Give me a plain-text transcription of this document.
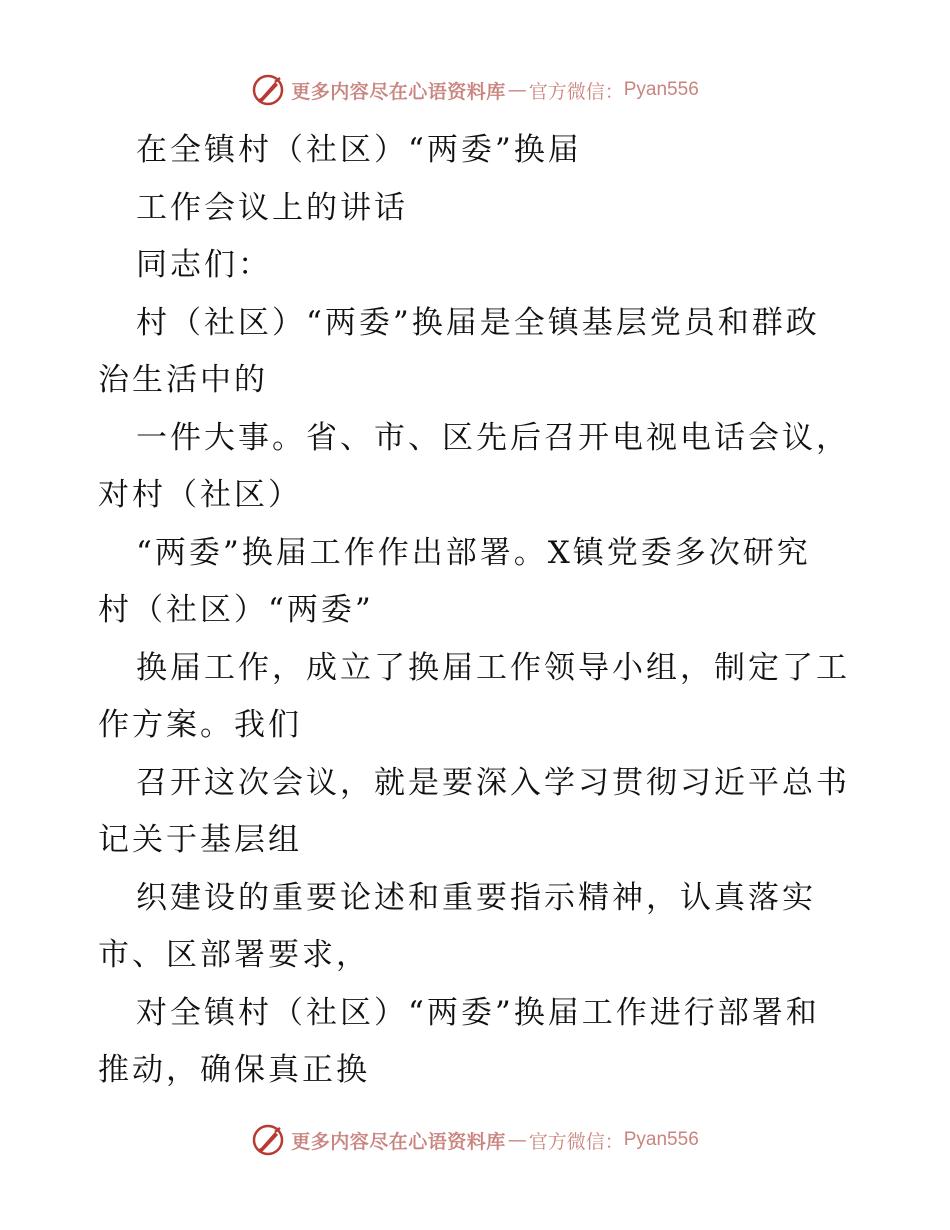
更多内容尽在心语资料库 — 官方微信： Pyan556
在全镇村（社区）“两委”换届
工作会议上的讲话
同志们：
村（社区）“两委”换届是全镇基层党员和群政
治生活中的
一件大事。省、市、区先后召开电视电话会议，
对村（社区）
“两委”换届工作作出部署。X镇党委多次研究
村（社区）“两委”
换届工作，成立了换届工作领导小组，制定了工
作方案。我们
召开这次会议，就是要深入学习贯彻习近平总书
记关于基层组
织建设的重要论述和重要指示精神，认真落实
市、区部署要求，
对全镇村（社区）“两委”换届工作进行部署和
推动，确保真正换
更多内容尽在心语资料库 — 官方微信： Pyan556
